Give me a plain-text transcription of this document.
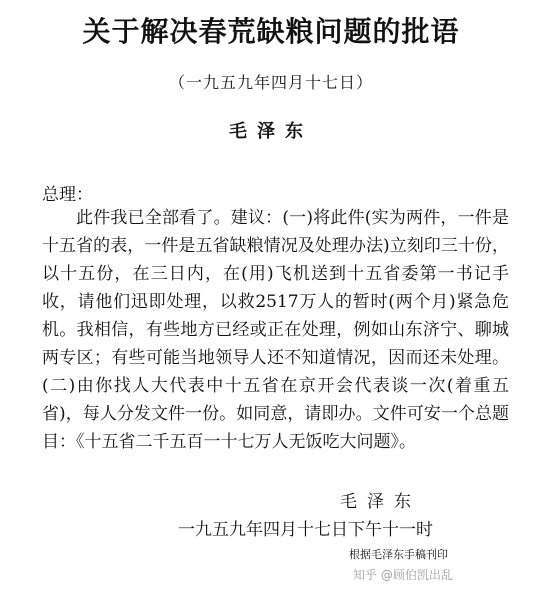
关于解决春荒缺粮问题的批语
（一九五九年四月十七日）
毛泽东
总理：
此件我已全部看了。建议：(一)将此件(实为两件，一件是十五省的表，一件是五省缺粮情况及处理办法)立刻印三十份，以十五份，在三日内，在(用)飞机送到十五省委第一书记手收，请他们迅即处理，以救2517万人的暂时(两个月)紧急危机。我相信，有些地方已经或正在处理，例如山东济宁、聊城两专区；有些可能当地领导人还不知道情况，因而还未处理。(二)由你找人大代表中十五省在京开会代表谈一次(着重五省)，每人分发文件一份。如同意，请即办。文件可安一个总题目：《十五省二千五百一十七万人无饭吃大问题》。
毛泽东
一九五九年四月十七日下午十一时
根据毛泽东手稿刊印
知乎 @顾伯凯出乱
